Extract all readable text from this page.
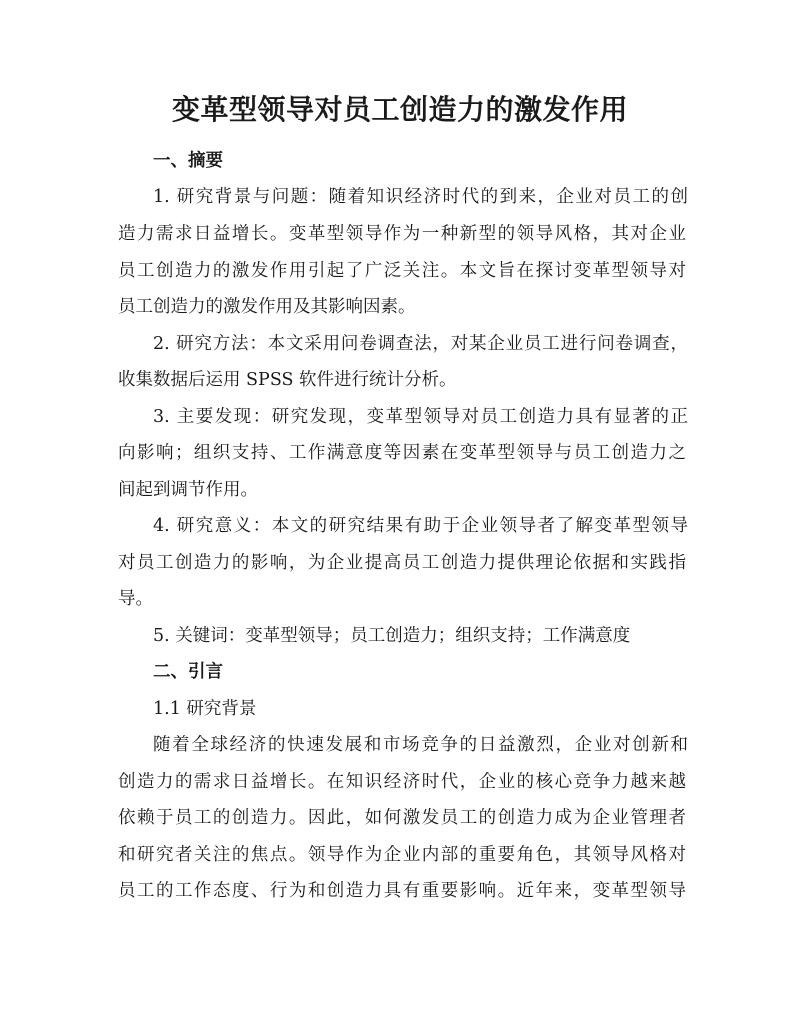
变革型领导对员工创造力的激发作用
一、摘要
1. 研究背景与问题：随着知识经济时代的到来，企业对员工的创
造力需求日益增长。变革型领导作为一种新型的领导风格，其对企业
员工创造力的激发作用引起了广泛关注。本文旨在探讨变革型领导对
员工创造力的激发作用及其影响因素。
2. 研究方法：本文采用问卷调查法，对某企业员工进行问卷调查，
收集数据后运用 SPSS 软件进行统计分析。
3. 主要发现：研究发现，变革型领导对员工创造力具有显著的正
向影响；组织支持、工作满意度等因素在变革型领导与员工创造力之
间起到调节作用。
4. 研究意义：本文的研究结果有助于企业领导者了解变革型领导
对员工创造力的影响，为企业提高员工创造力提供理论依据和实践指
导。
5. 关键词：变革型领导；员工创造力；组织支持；工作满意度
二、引言
1.1 研究背景
随着全球经济的快速发展和市场竞争的日益激烈，企业对创新和
创造力的需求日益增长。在知识经济时代，企业的核心竞争力越来越
依赖于员工的创造力。因此，如何激发员工的创造力成为企业管理者
和研究者关注的焦点。领导作为企业内部的重要角色，其领导风格对
员工的工作态度、行为和创造力具有重要影响。近年来，变革型领导
